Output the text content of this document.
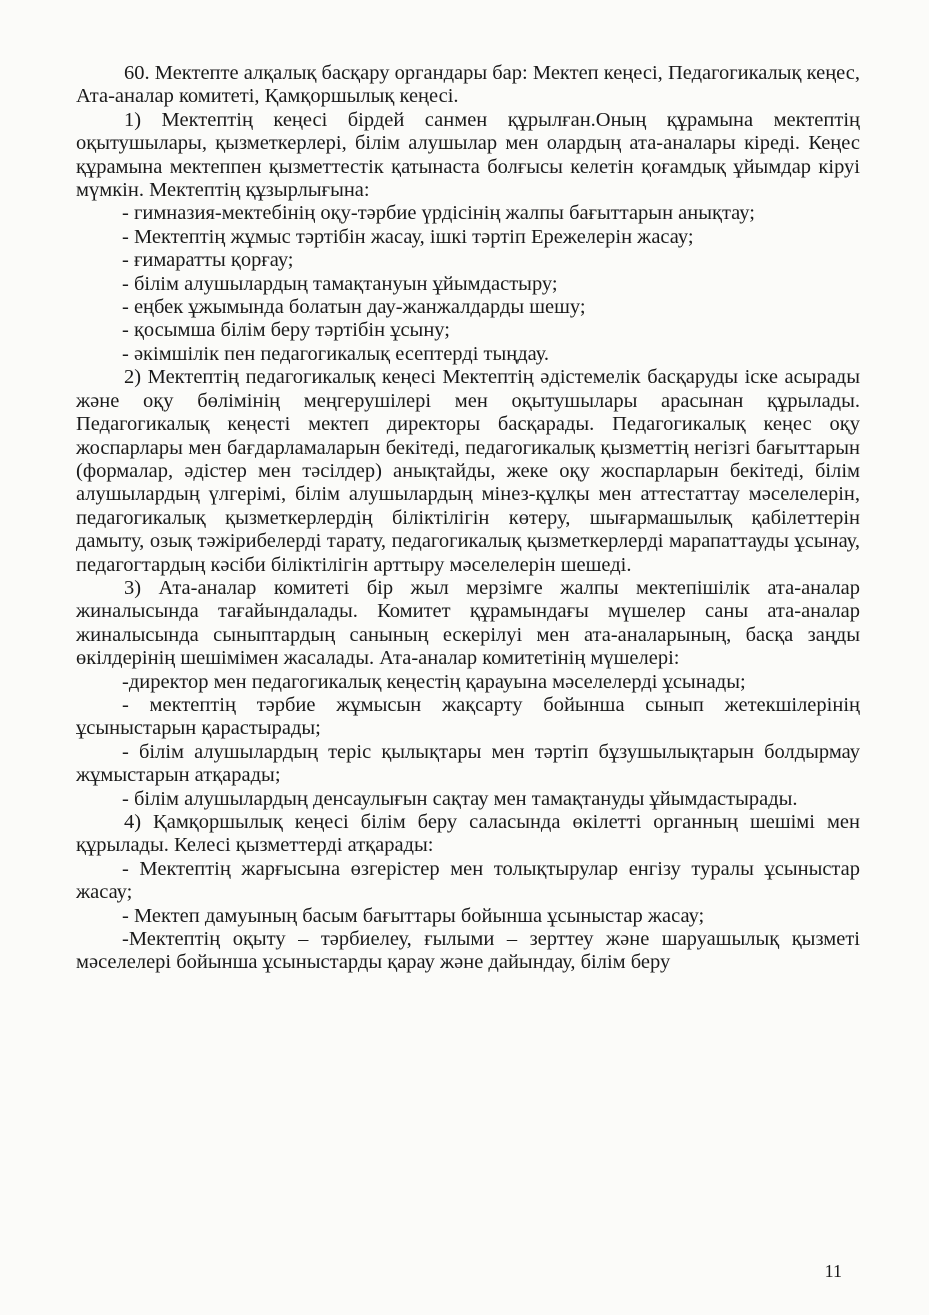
60. Мектепте алқалық басқару органдары бар: Мектеп кеңесі, Педагогикалық кеңес, Ата-аналар комитеті, Қамқоршылық кеңесі.

1) Мектептің кеңесі бірдей санмен құрылған.Оның құрамына мектептің оқытушылары, қызметкерлері, білім алушылар мен олардың ата-аналары кіреді. Кеңес құрамына мектеппен қызметтестік қатынаста болғысы келетін қоғамдық ұйымдар кіруі мүмкін. Мектептің құзырлығына:

- гимназия-мектебінің оқу-тәрбие үрдісінің жалпы бағыттарын анықтау;

- Мектептің жұмыс тәртібін жасау, ішкі тәртіп Ережелерін жасау;

- ғимаратты қорғау;

- білім алушылардың тамақтануын ұйымдастыру;

- еңбек ұжымында болатын дау-жанжалдарды шешу;

- қосымша білім беру тәртібін ұсыну;

- әкімшілік пен педагогикалық есептерді тыңдау.

2) Мектептің педагогикалық кеңесі Мектептің әдістемелік басқаруды іске асырады және оқу бөлімінің меңгерушілері мен оқытушылары арасынан құрылады. Педагогикалық кеңесті мектеп директоры басқарады. Педагогикалық кеңес оқу жоспарлары мен бағдарламаларын бекітеді, педагогикалық қызметтің негізгі бағыттарын (формалар, әдістер мен тәсілдер) анықтайды, жеке оқу жоспарларын бекітеді, білім алушылардың үлгерімі, білім алушылардың мінез-құлқы мен аттестаттау мәселелерін, педагогикалық қызметкерлердің біліктілігін көтеру, шығармашылық қабілеттерін дамыту, озық тәжірибелерді тарату, педагогикалық қызметкерлерді марапаттауды ұсынау, педагогтардың кәсіби біліктілігін арттыру мәселелерін шешеді.

3) Ата-аналар комитеті бір жыл мерзімге жалпы мектепішілік ата-аналар жиналысында тағайындалады. Комитет құрамындағы мүшелер саны ата-аналар жиналысында сыныптардың санының ескерілуі мен ата-аналарының, басқа заңды өкілдерінің шешімімен жасалады. Ата-аналар комитетінің мүшелері:

-директор мен педагогикалық кеңестің қарауына мәселелерді ұсынады;

- мектептің тәрбие жұмысын жақсарту бойынша сынып жетекшілерінің ұсыныстарын қарастырады;

- білім алушылардың теріс қылықтары мен тәртіп бұзушылықтарын болдырмау жұмыстарын атқарады;

- білім алушылардың денсаулығын сақтау мен тамақтануды ұйымдастырады.

4) Қамқоршылық кеңесі білім беру саласында өкілетті органның шешімі мен құрылады. Келесі қызметтерді атқарады:

- Мектептің жарғысына өзгерістер мен толықтырулар енгізу туралы ұсыныстар жасау;

- Мектеп дамуының басым бағыттары бойынша ұсыныстар жасау;

-Мектептің оқыту – тәрбиелеу, ғылыми – зерттеу және шаруашылық қызметі мәселелері бойынша ұсыныстарды қарау және дайындау, білім беру

11
